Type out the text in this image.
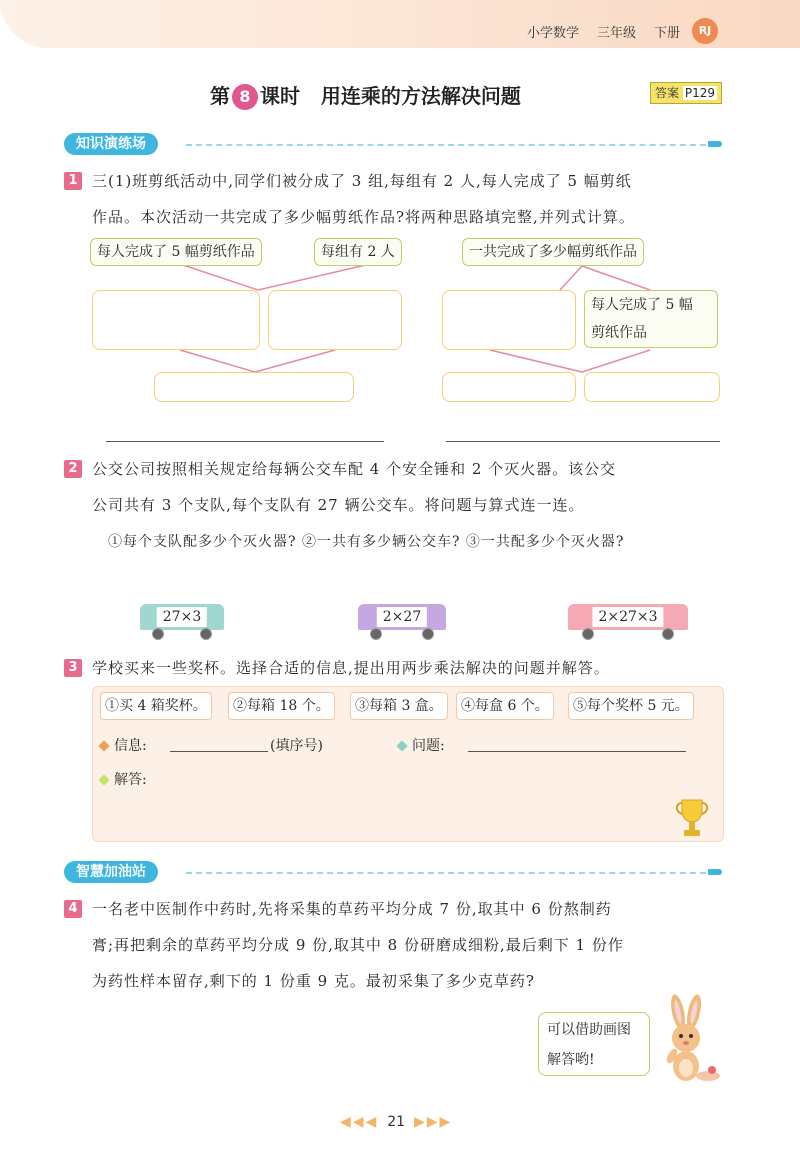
小学数学 三年级 下册	RJ
第 8 课时 用连乘的方法解决问题	答案 P129
知识演练场
1 三(1)班剪纸活动中,同学们被分成了 3 组,每组有 2 人,每人完成了 5 幅剪纸
作品。本次活动一共完成了多少幅剪纸作品?将两种思路填完整,并列式计算。
每人完成了 5 幅剪纸作品	每组有 2 人	一共完成了多少幅剪纸作品
每人完成了 5 幅
剪纸作品
2 公交公司按照相关规定给每辆公交车配 4 个安全锤和 2 个灭火器。该公交
公司共有 3 个支队,每个支队有 27 辆公交车。将问题与算式连一连。
①每个支队配多少个灭火器? ②一共有多少辆公交车? ③一共配多少个灭火器?
27×3	2×27	2×27×3
3 学校买来一些奖杯。选择合适的信息,提出用两步乘法解决的问题并解答。
①买 4 箱奖杯。	②每箱 18 个。	③每箱 3 盒。	④每盒 6 个。	⑤每个奖杯 5 元。
信息:	(填序号)	问题:
解答:
智慧加油站
4 一名老中医制作中药时,先将采集的草药平均分成 7 份,取其中 6 份熬制药
膏;再把剩余的草药平均分成 9 份,取其中 8 份研磨成细粉,最后剩下 1 份作
为药性样本留存,剩下的 1 份重 9 克。最初采集了多少克草药?
可以借助画图
解答哟!
◀◀◀ 21 ▶▶▶
